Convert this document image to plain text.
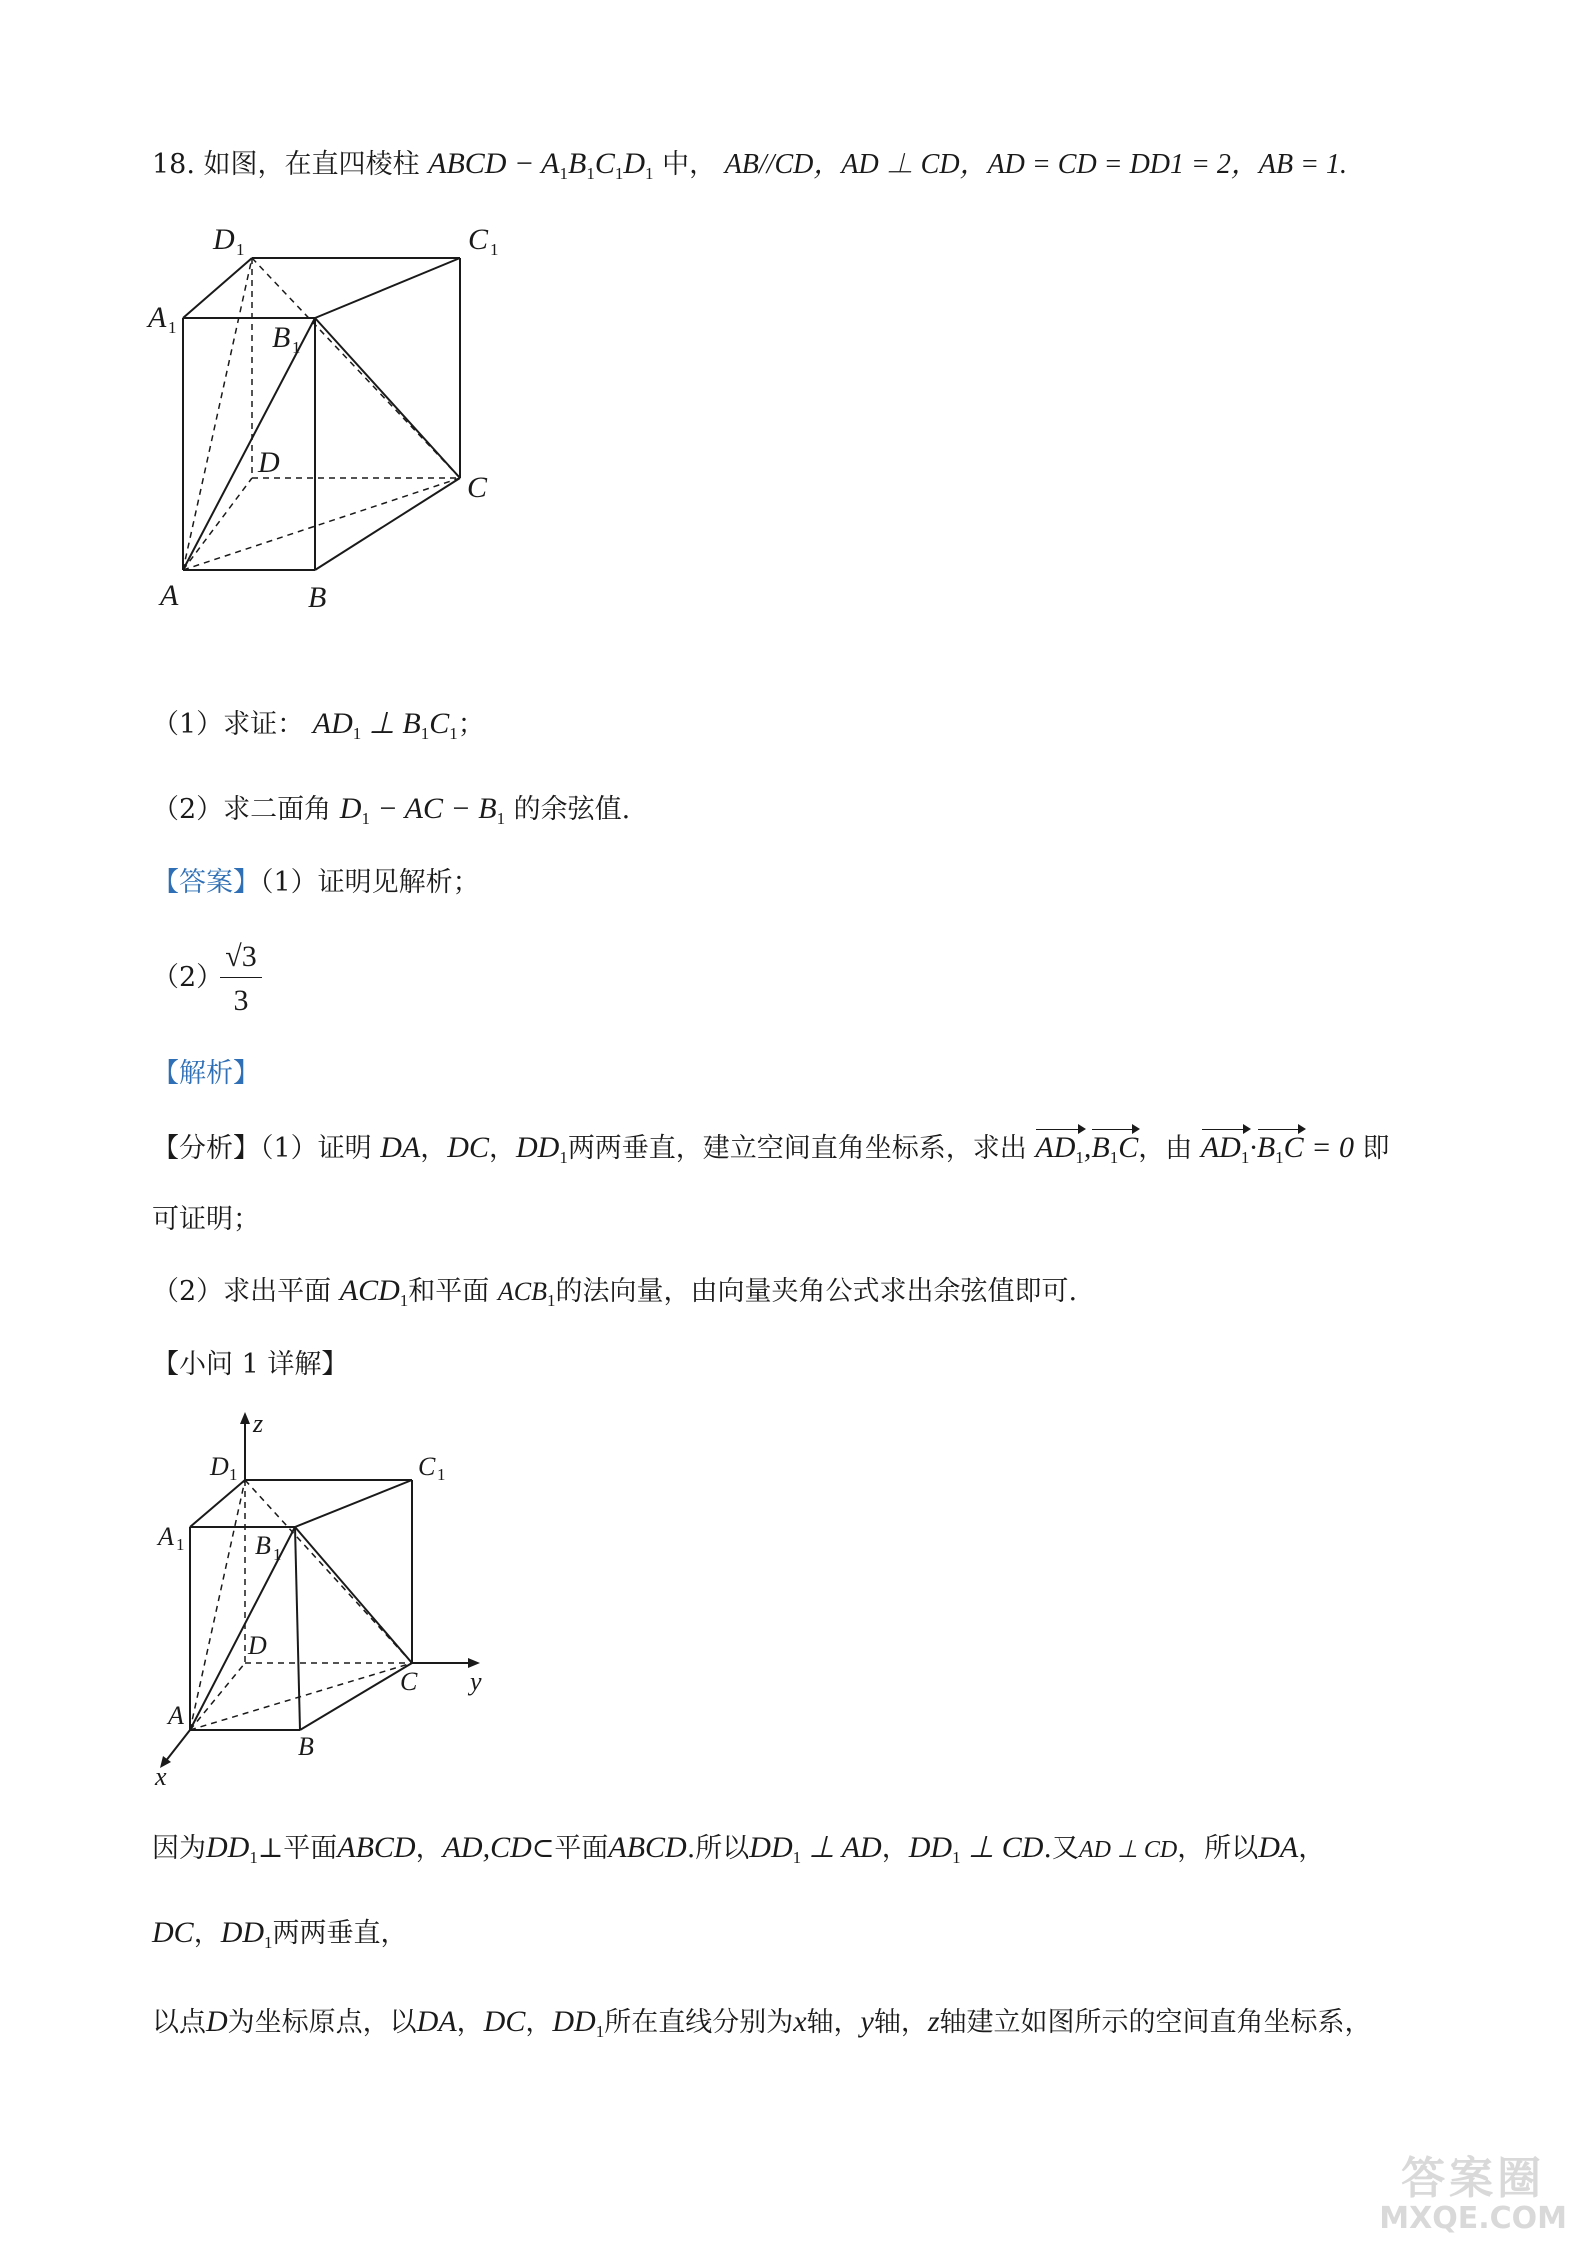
18. 如图，在直四棱柱 ABCD − $A_1B_1C_1D_1$ 中， AB//CD，AD ⊥ CD，AD = CD = DD1 = 2，AB = 1.
D 1	C 1
A 1	B 1
D
C
A	B
（1）求证： $AD_1$ ⊥ $B_1C_1$；
（2）求二面角 $D_1$ − AC − $B_1$ 的余弦值.
【答案】（1）证明见解析；
（2）
$\frac{√3}{3}$
【解析】
【分析】（1）证明 DA，DC，$DD_1$两两垂直，建立空间直角坐标系，求出 $AD_1,B_1C$，由 $AD_1\cdot B_1C = 0$ 即
可证明；
（2）求出平面 $ACD_1$和平面 $ACB_1$的法向量，由向量夹角公式求出余弦值即可.
【小问 1 详解】
z
D 1	C 1
A 1	B 1
D
C y
A
B
x
因为$DD_1\perp$平面ABCD，AD,CD⊂平面ABCD.所以$DD_1$ ⊥ AD，$DD_1$ ⊥ CD.又AD ⊥ CD，所以DA，
DC，$DD_1$两两垂直，
以点D为坐标原点，以DA，DC，$DD_1$所在直线分别为x轴，y轴，z轴建立如图所示的空间直角坐标系，
答案圈
MXQE.COM
